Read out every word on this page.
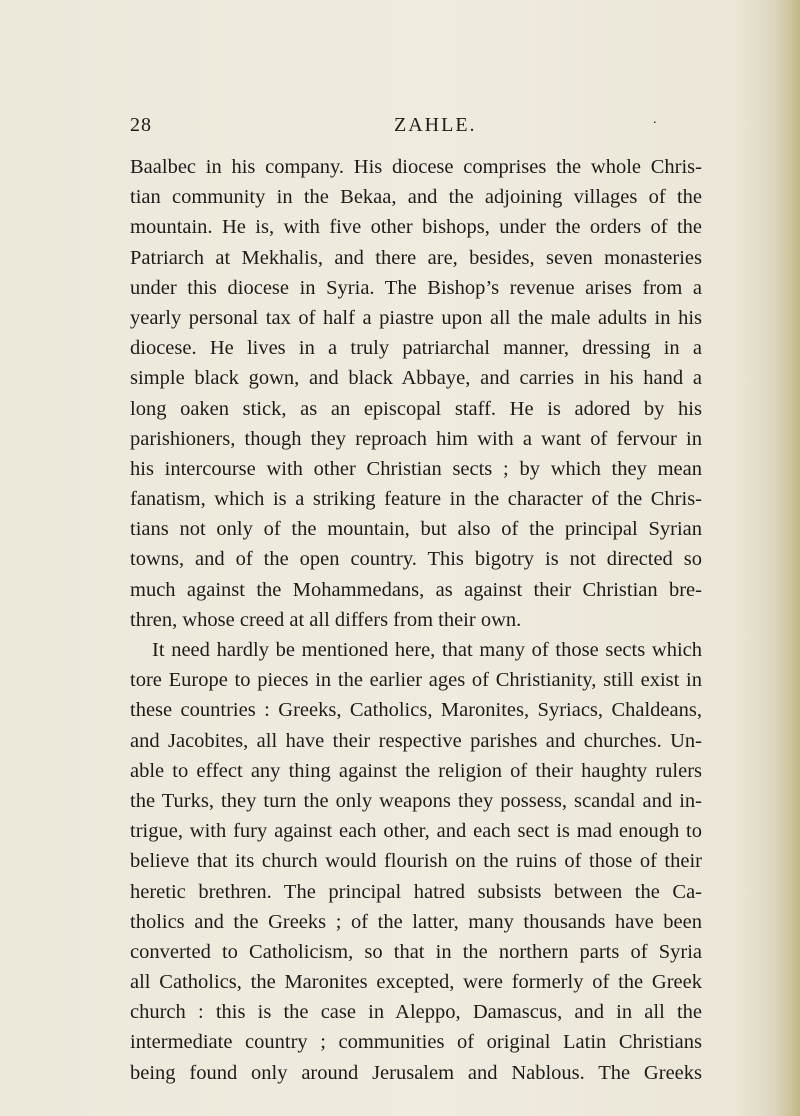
28	ZAHLE.	.
Baalbec in his company. His diocese comprises the whole Chris-
tian community in the Bekaa, and the adjoining villages of the
mountain. He is, with five other bishops, under the orders of the
Patriarch at Mekhalis, and there are, besides, seven monasteries
under this diocese in Syria. The Bishop’s revenue arises from a
yearly personal tax of half a piastre upon all the male adults in his
diocese. He lives in a truly patriarchal manner, dressing in a
simple black gown, and black Abbaye, and carries in his hand a
long oaken stick, as an episcopal staff. He is adored by his
parishioners, though they reproach him with a want of fervour in
his intercourse with other Christian sects ; by which they mean
fanatism, which is a striking feature in the character of the Chris-
tians not only of the mountain, but also of the principal Syrian
towns, and of the open country. This bigotry is not directed so
much against the Mohammedans, as against their Christian bre-
thren, whose creed at all differs from their own.
It need hardly be mentioned here, that many of those sects which
tore Europe to pieces in the earlier ages of Christianity, still exist in
these countries : Greeks, Catholics, Maronites, Syriacs, Chaldeans,
and Jacobites, all have their respective parishes and churches. Un-
able to effect any thing against the religion of their haughty rulers
the Turks, they turn the only weapons they possess, scandal and in-
trigue, with fury against each other, and each sect is mad enough to
believe that its church would flourish on the ruins of those of their
heretic brethren. The principal hatred subsists between the Ca-
tholics and the Greeks ; of the latter, many thousands have been
converted to Catholicism, so that in the northern parts of Syria
all Catholics, the Maronites excepted, were formerly of the Greek
church : this is the case in Aleppo, Damascus, and in all the
intermediate country ; communities of original Latin Christians
being found only around Jerusalem and Nablous. The Greeks
